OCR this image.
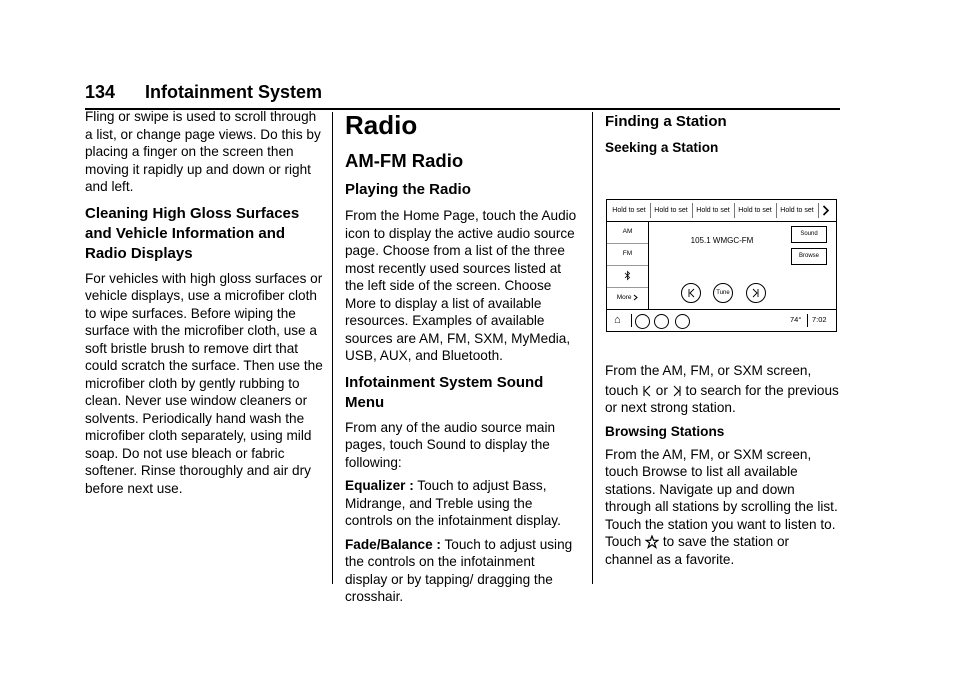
134 Infotainment System

Fling or swipe is used to scroll through a list, or change page views. Do this by placing a finger on the screen then moving it rapidly up and down or right and left.

Cleaning High Gloss Surfaces and Vehicle Information and Radio Displays

For vehicles with high gloss surfaces or vehicle displays, use a microfiber cloth to wipe surfaces. Before wiping the surface with the microfiber cloth, use a soft bristle brush to remove dirt that could scratch the surface. Then use the microfiber cloth by gently rubbing to clean. Never use window cleaners or solvents. Periodically hand wash the microfiber cloth separately, using mild soap. Do not use bleach or fabric softener. Rinse thoroughly and air dry before next use.

Radio
AM-FM Radio
Playing the Radio

From the Home Page, touch the Audio icon to display the active audio source page. Choose from a list of the three most recently used sources listed at the left side of the screen. Choose More to display a list of available resources. Examples of available sources are AM, FM, SXM, MyMedia, USB, AUX, and Bluetooth.

Infotainment System Sound Menu

From any of the audio source main pages, touch Sound to display the following:

Equalizer : Touch to adjust Bass, Midrange, and Treble using the controls on the infotainment display.

Fade/Balance : Touch to adjust using the controls on the infotainment display or by tapping/ dragging the crosshair.

Finding a Station
Seeking a Station
Hold to set	Hold to set	Hold to set	Hold to set	Hold to set
AM
FM
More
105.1 WMGC-FM
Sound
Browse
Tune
⌂	74° 7:02

From the AM, FM, or SXM screen,

touch  or  to search for the previous or next strong station.

Browsing Stations

From the AM, FM, or SXM screen, touch Browse to list all available stations. Navigate up and down through all stations by scrolling the list. Touch the station you want to listen to. Touch  to save the station or channel as a favorite.
